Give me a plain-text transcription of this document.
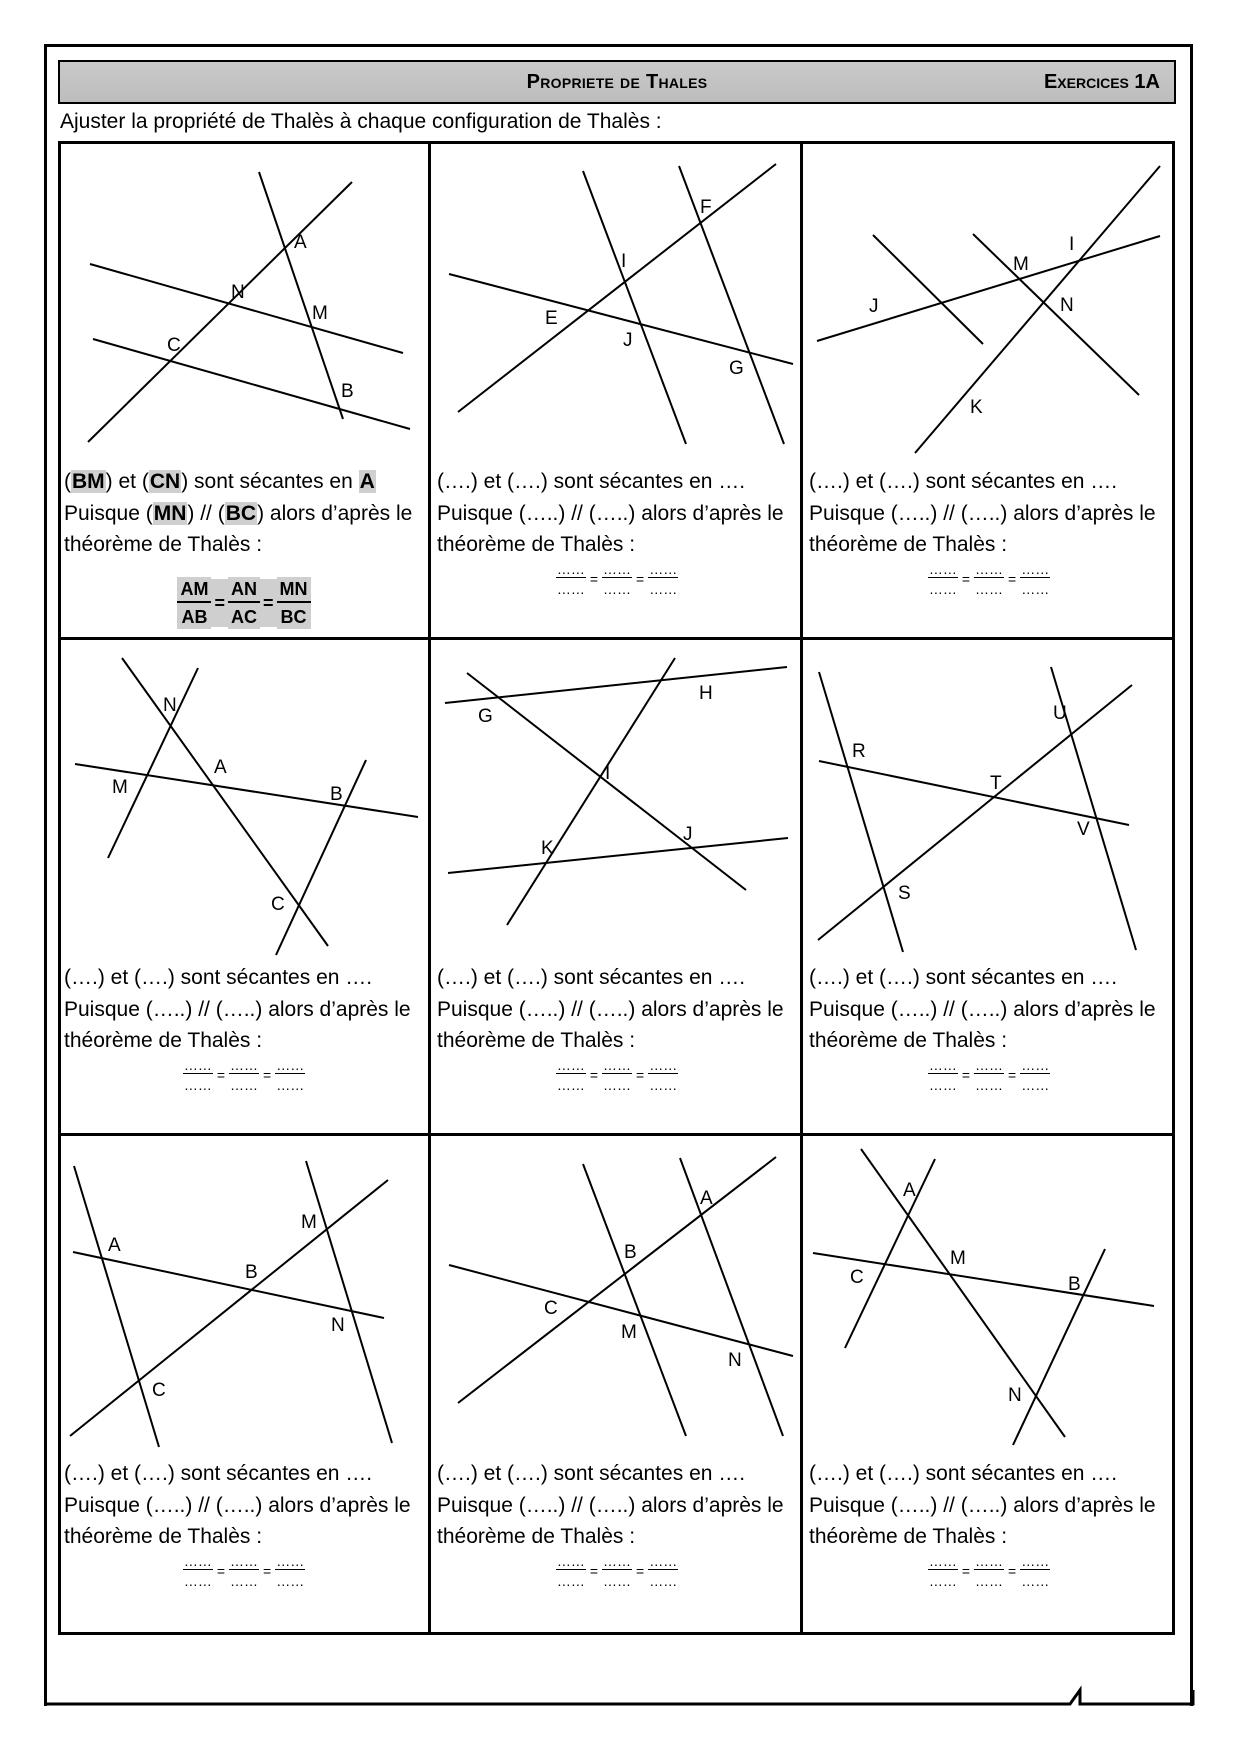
Propriete de Thales	Exercices 1A
Ajuster la propriété de Thalès à chaque configuration de Thalès :
A
N
M
C
B
(BM) et (CN) sont sécantes en A
Puisque (MN) // (BC) alors d’après le
théorème de Thalès :
$\frac{AM}{AB} = \frac{AN}{AC} = \frac{MN}{BC}$
F
I
E
J
G
(….) et (….) sont sécantes en ….
Puisque (…..) // (…..) alors d’après le
théorème de Thalès :
$\frac{\dots\dots}{\dots\dots} = \frac{\dots\dots}{\dots\dots} = \frac{\dots\dots}{\dots\dots}$
M
I
J	N
K
(….) et (….) sont sécantes en ….
Puisque (…..) // (…..) alors d’après le
théorème de Thalès :
$\frac{\dots\dots}{\dots\dots} = \frac{\dots\dots}{\dots\dots} = \frac{\dots\dots}{\dots\dots}$
N
A
M	B
C
(….) et (….) sont sécantes en ….
Puisque (…..) // (…..) alors d’après le
théorème de Thalès :
$\frac{\dots\dots}{\dots\dots} = \frac{\dots\dots}{\dots\dots} = \frac{\dots\dots}{\dots\dots}$
H
G
I
J
K
(….) et (….) sont sécantes en ….
Puisque (…..) // (…..) alors d’après le
théorème de Thalès :
$\frac{\dots\dots}{\dots\dots} = \frac{\dots\dots}{\dots\dots} = \frac{\dots\dots}{\dots\dots}$
U
R
T
V
S
(….) et (….) sont sécantes en ….
Puisque (…..) // (…..) alors d’après le
théorème de Thalès :
$\frac{\dots\dots}{\dots\dots} = \frac{\dots\dots}{\dots\dots} = \frac{\dots\dots}{\dots\dots}$
M
A
B
N
C
(….) et (….) sont sécantes en ….
Puisque (…..) // (…..) alors d’après le
théorème de Thalès :
$\frac{\dots\dots}{\dots\dots} = \frac{\dots\dots}{\dots\dots} = \frac{\dots\dots}{\dots\dots}$
A
B
C
M
N
(….) et (….) sont sécantes en ….
Puisque (…..) // (…..) alors d’après le
théorème de Thalès :
$\frac{\dots\dots}{\dots\dots} = \frac{\dots\dots}{\dots\dots} = \frac{\dots\dots}{\dots\dots}$
A
M
C	B
N
(….) et (….) sont sécantes en ….
Puisque (…..) // (…..) alors d’après le
théorème de Thalès :
$\frac{\dots\dots}{\dots\dots} = \frac{\dots\dots}{\dots\dots} = \frac{\dots\dots}{\dots\dots}$
